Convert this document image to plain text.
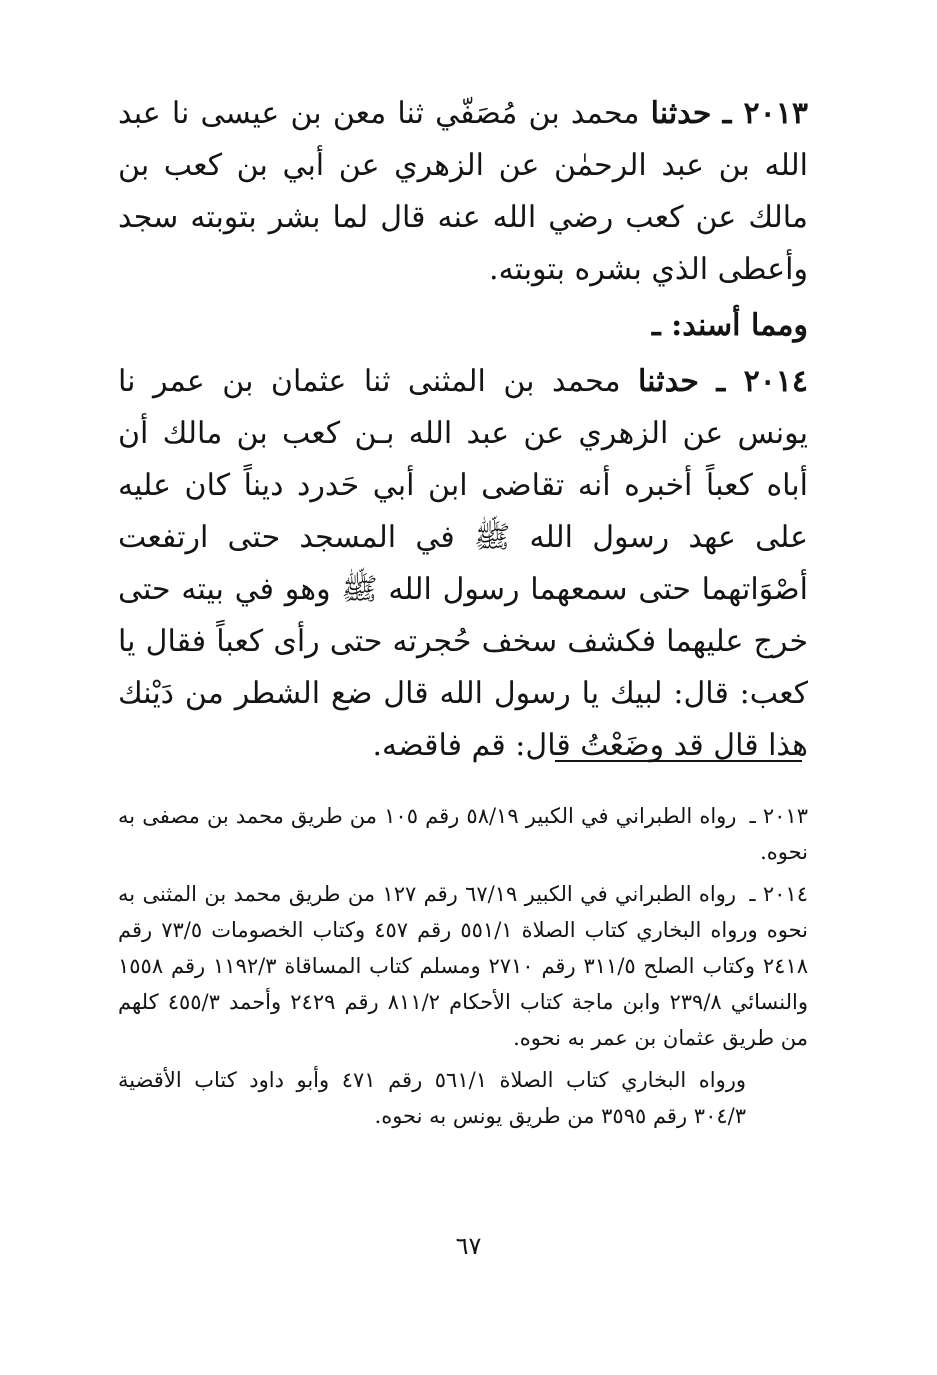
٢٠١٣ ـ حدثنا محمد بن مُصَفّي ثنا معن بن عيسى نا عبد الله بن عبد الرحمٰن عن الزهري عن أبي بن كعب بن مالك عن كعب رضي الله عنه قال لما بشر بتوبته سجد وأعطى الذي بشره بتوبته.

ومما أسند: ـ

٢٠١٤ ـ حدثنا محمد بن المثنى ثنا عثمان بن عمر نا يونس عن الزهري عن عبد الله بـن كعب بن مالك أن أباه كعباً أخبره أنه تقاضى ابن أبي حَدرد ديناً كان عليه على عهد رسول الله ﷺ في المسجد حتى ارتفعت أصْوَاتهما حتى سمعهما رسول الله ﷺ وهو في بيته حتى خرج عليهما فكشف سخف حُجرته حتى رأى كعباً فقال يا كعب: قال: لبيك يا رسول الله قال ضع الشطر من دَيْنك هذا قال قد وضَعْتُ قال: قم فاقضه.

٢٠١٣ ـ رواه الطبراني في الكبير ٥٨/١٩ رقم ١٠٥ من طريق محمد بن مصفى به نحوه.

٢٠١٤ ـ رواه الطبراني في الكبير ٦٧/١٩ رقم ١٢٧ من طريق محمد بن المثنى به نحوه ورواه البخاري كتاب الصلاة ٥٥١/١ رقم ٤٥٧ وكتاب الخصومات ٧٣/٥ رقم ٢٤١٨ وكتاب الصلح ٣١١/٥ رقم ٢٧١٠ ومسلم كتاب المساقاة ١١٩٢/٣ رقم ١٥٥٨ والنسائي ٢٣٩/٨ وابن ماجة كتاب الأحكام ٨١١/٢ رقم ٢٤٢٩ وأحمد ٤٥٥/٣ كلهم من طريق عثمان بن عمر به نحوه.

ورواه البخاري كتاب الصلاة ٥٦١/١ رقم ٤٧١ وأبو داود كتاب الأقضية ٣٠٤/٣ رقم ٣٥٩٥ من طريق يونس به نحوه.

٦٧
